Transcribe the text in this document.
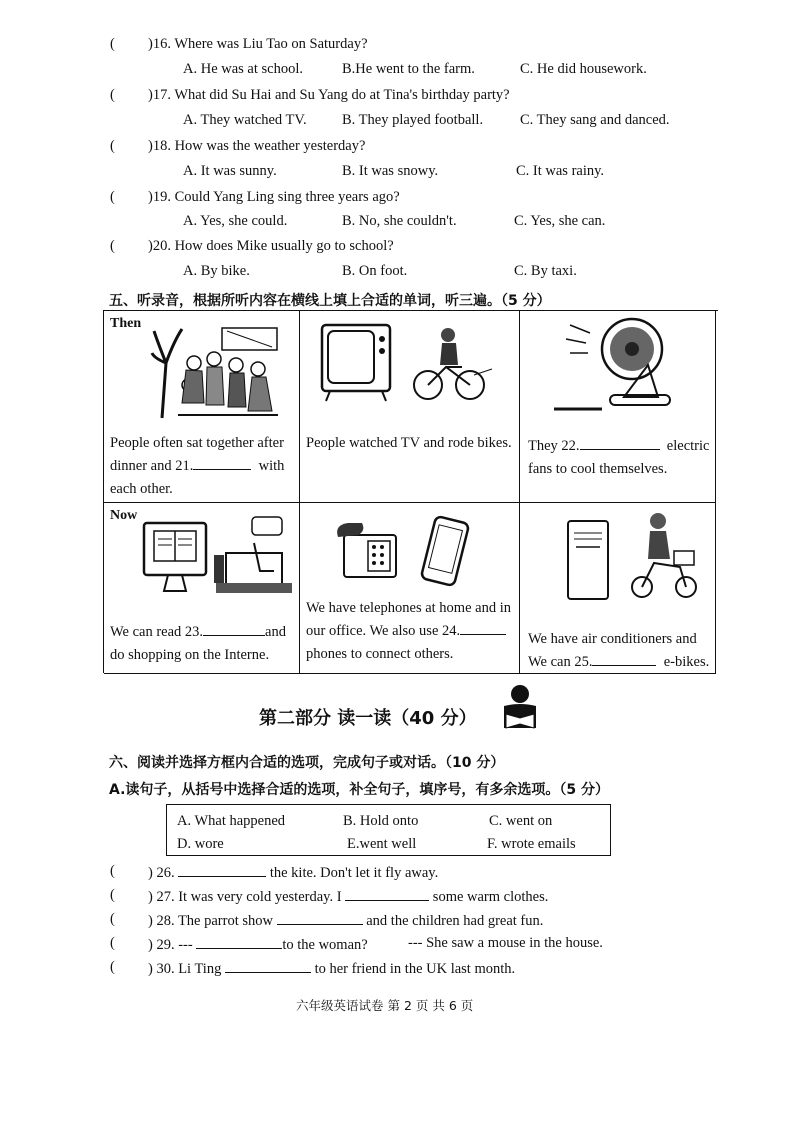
( )16. Where was Liu Tao on Saturday?
A. He was at school.	B.He went to the farm.	C. He did housework.
( )17. What did Su Hai and Su Yang do at Tina's birthday party?
A. They watched TV. B. They played football.	C. They sang and danced.
( )18. How was the weather yesterday?
A. It was sunny.	B. It was snowy.	C. It was rainy.
( )19. Could Yang Ling sing three years ago?
A. Yes, she could.	B. No, she couldn't.	C. Yes, she can.
( )20. How does Mike usually go to school?
A. By bike.	B. On foot.	C. By taxi.
五、听录音，根据所听内容在横线上填上合适的单词，听三遍。（5 分）
Then
People often sat together after
dinner and 21.	with
each other.
People watched TV and rode bikes.	They 22.	electric
fans to cool themselves.
Now
We can read 23.	and
do shopping on the Interne.
We have telephones at home and in
our office. We also use 24.
phones to connect others.
We have air conditioners and
We can 25.	e-bikes.
第二部分 读一读（40 分）
六、阅读并选择方框内合适的选项，完成句子或对话。（10 分）
A.读句子，从括号中选择合适的选项，补全句子，填序号，有多余选项。（5 分）
A. What happened	B. Hold onto	C. went on
D. wore	E.went well	F. wrote emails
( ) 26.	the kite. Don't let it fly away.
( ) 27. It was very cold yesterday. I	some warm clothes.
( ) 28. The parrot show	and the children had great fun.
( ) 29. ---	to the woman?	--- She saw a mouse in the house.
( ) 30. Li Ting	to her friend in the UK last month.
六年级英语试卷 第 2 页 共 6 页
